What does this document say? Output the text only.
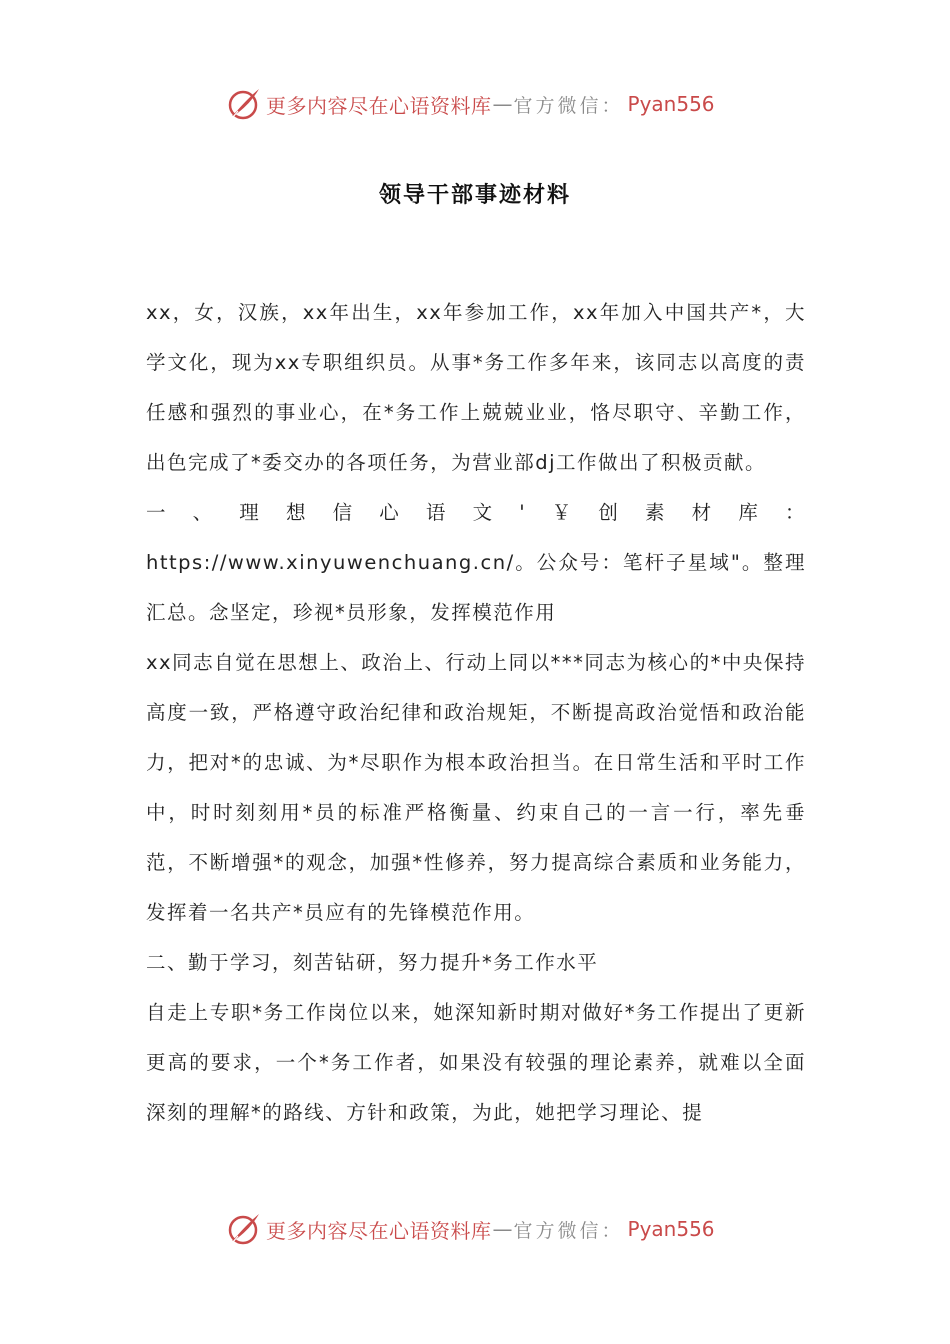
更多内容尽在心语资料库 — 官方微信： Pyan556
领导干部事迹材料

xx，女，汉族，xx年出生，xx年参加工作，xx年加入中国共产*，大学文化，现为xx专职组织员。从事*务工作多年来，该同志以高度的责任感和强烈的事业心，在*务工作上兢兢业业，恪尽职守、辛勤工作，出色完成了*委交办的各项任务，为营业部dj工作做出了积极贡献。

一、理想信心语文'￥创素材库：https://www.xinyuwenchuang.cn/。公众号：笔杆子星域"。整理汇总。念坚定，珍视*员形象，发挥模范作用

xx同志自觉在思想上、政治上、行动上同以***同志为核心的*中央保持高度一致，严格遵守政治纪律和政治规矩，不断提高政治觉悟和政治能力，把对*的忠诚、为*尽职作为根本政治担当。在日常生活和平时工作中，时时刻刻用*员的标准严格衡量、约束自己的一言一行，率先垂范，不断增强*的观念，加强*性修养，努力提高综合素质和业务能力，发挥着一名共产*员应有的先锋模范作用。

二、勤于学习，刻苦钻研，努力提升*务工作水平

自走上专职*务工作岗位以来，她深知新时期对做好*务工作提出了更新更高的要求，一个*务工作者，如果没有较强的理论素养，就难以全面深刻的理解*的路线、方针和政策，为此，她把学习理论、提

更多内容尽在心语资料库 — 官方微信： Pyan556
